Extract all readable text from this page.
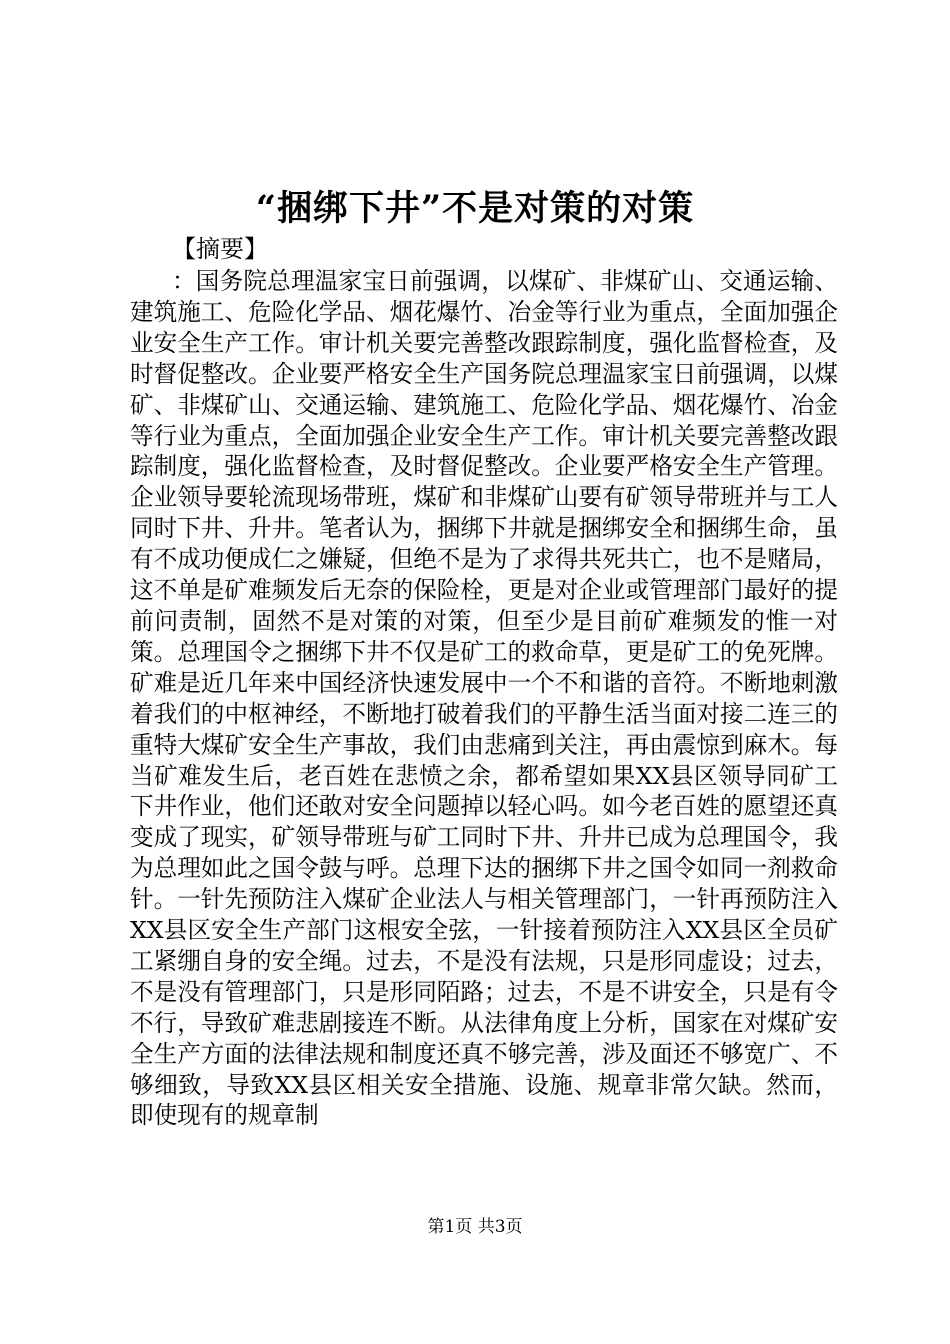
“捆绑下井”不是对策的对策

【摘要】

：国务院总理温家宝日前强调，以煤矿、非煤矿山、交通运输、建筑施工、危险化学品、烟花爆竹、冶金等行业为重点，全面加强企业安全生产工作。审计机关要完善整改跟踪制度，强化监督检查，及时督促整改。企业要严格安全生产国务院总理温家宝日前强调，以煤矿、非煤矿山、交通运输、建筑施工、危险化学品、烟花爆竹、冶金等行业为重点，全面加强企业安全生产工作。审计机关要完善整改跟踪制度，强化监督检查，及时督促整改。企业要严格安全生产管理。企业领导要轮流现场带班，煤矿和非煤矿山要有矿领导带班并与工人同时下井、升井。笔者认为，捆绑下井就是捆绑安全和捆绑生命，虽有不成功便成仁之嫌疑，但绝不是为了求得共死共亡，也不是赌局，这不单是矿难频发后无奈的保险栓，更是对企业或管理部门最好的提前问责制，固然不是对策的对策，但至少是目前矿难频发的惟一对策。总理国令之捆绑下井不仅是矿工的救命草，更是矿工的免死牌。矿难是近几年来中国经济快速发展中一个不和谐的音符。不断地刺激着我们的中枢神经，不断地打破着我们的平静生活当面对接二连三的重特大煤矿安全生产事故，我们由悲痛到关注，再由震惊到麻木。每当矿难发生后，老百姓在悲愤之余，都希望如果XX县区领导同矿工下井作业，他们还敢对安全问题掉以轻心吗。如今老百姓的愿望还真变成了现实，矿领导带班与矿工同时下井、升井已成为总理国令，我为总理如此之国令鼓与呼。总理下达的捆绑下井之国令如同一剂救命针。一针先预防注入煤矿企业法人与相关管理部门，一针再预防注入XX县区安全生产部门这根安全弦，一针接着预防注入XX县区全员矿工紧绷自身的安全绳。过去，不是没有法规，只是形同虚设；过去，不是没有管理部门，只是形同陌路；过去，不是不讲安全，只是有令不行，导致矿难悲剧接连不断。从法律角度上分析，国家在对煤矿安全生产方面的法律法规和制度还真不够完善，涉及面还不够宽广、不够细致，导致XX县区相关安全措施、设施、规章非常欠缺。然而，即使现有的规章制

第1页 共3页
